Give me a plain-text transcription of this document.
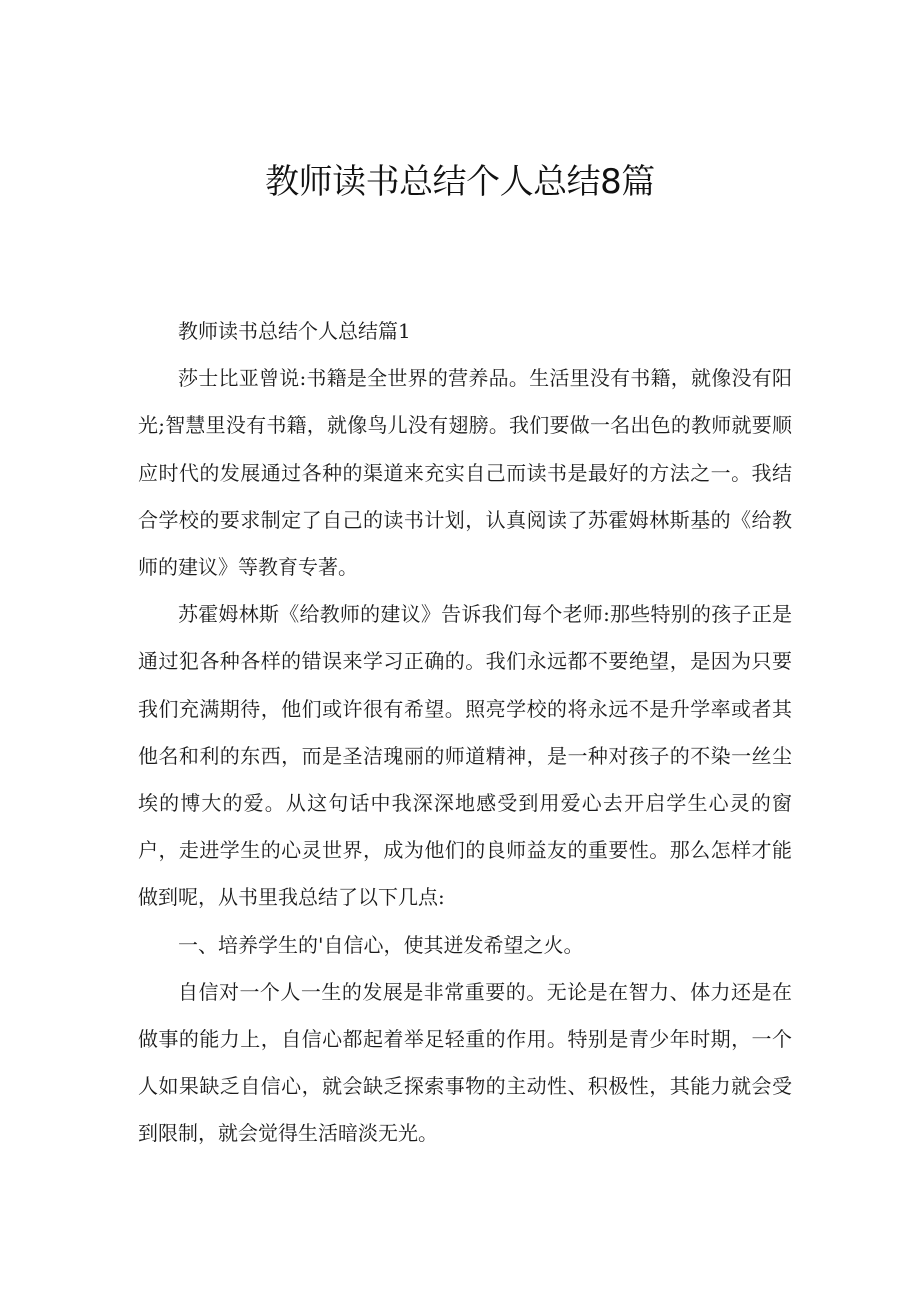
教师读书总结个人总结8篇

教师读书总结个人总结篇1

莎士比亚曾说:书籍是全世界的营养品。生活里没有书籍，就像没有阳光;智慧里没有书籍，就像鸟儿没有翅膀。我们要做一名出色的教师就要顺应时代的发展通过各种的渠道来充实自己而读书是最好的方法之一。我结合学校的要求制定了自己的读书计划，认真阅读了苏霍姆林斯基的《给教师的建议》等教育专著。

苏霍姆林斯《给教师的建议》告诉我们每个老师:那些特别的孩子正是通过犯各种各样的错误来学习正确的。我们永远都不要绝望，是因为只要我们充满期待，他们或许很有希望。照亮学校的将永远不是升学率或者其他名和利的东西，而是圣洁瑰丽的师道精神，是一种对孩子的不染一丝尘埃的博大的爱。从这句话中我深深地感受到用爱心去开启学生心灵的窗户，走进学生的心灵世界，成为他们的良师益友的重要性。那么怎样才能做到呢，从书里我总结了以下几点:

一、培养学生的'自信心，使其迸发希望之火。

自信对一个人一生的发展是非常重要的。无论是在智力、体力还是在做事的能力上，自信心都起着举足轻重的作用。特别是青少年时期，一个人如果缺乏自信心，就会缺乏探索事物的主动性、积极性，其能力就会受到限制，就会觉得生活暗淡无光。
